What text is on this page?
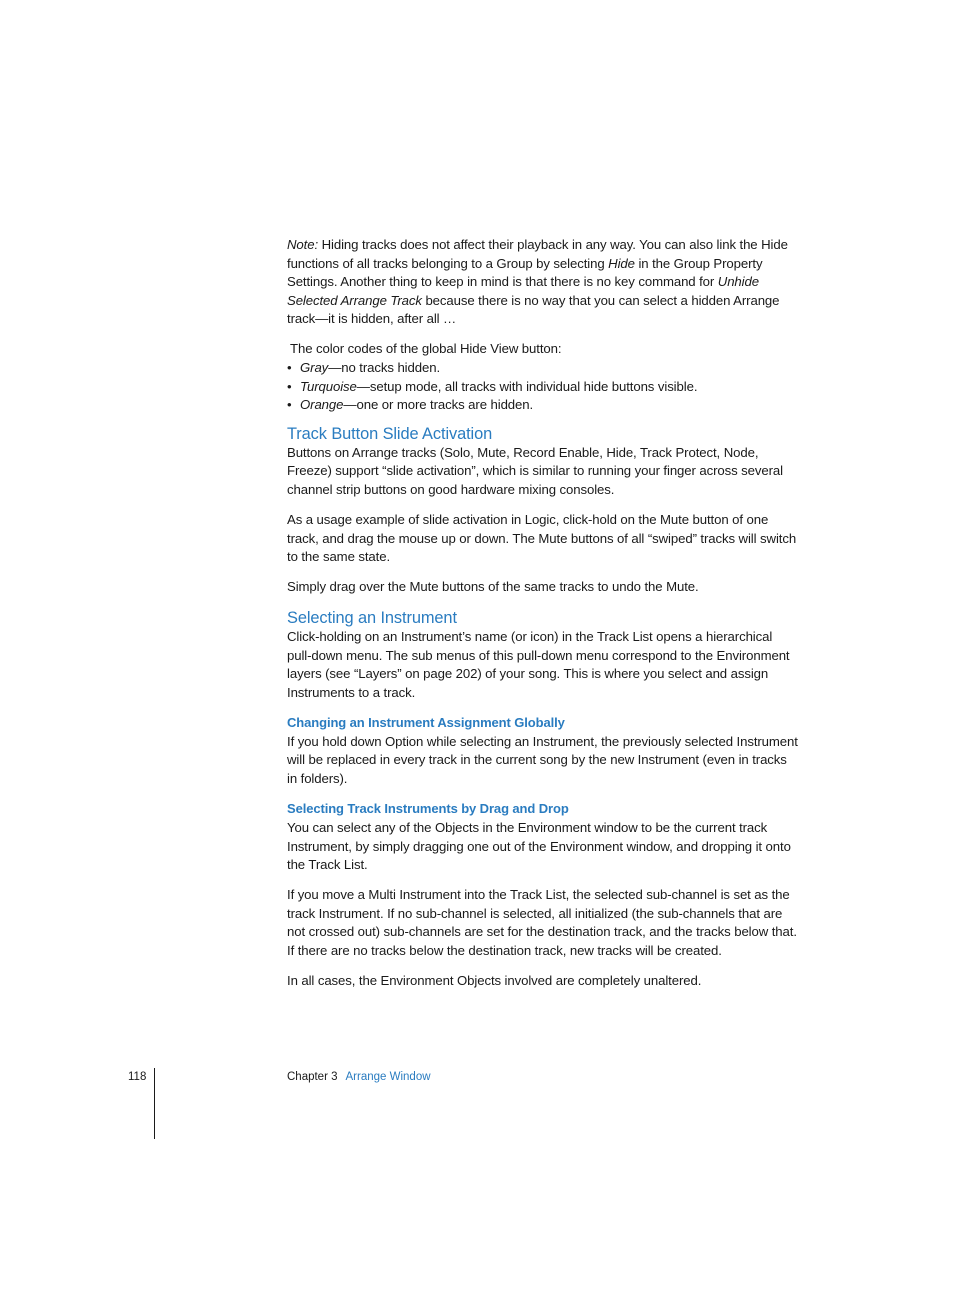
Note: Hiding tracks does not affect their playback in any way. You can also link the Hide functions of all tracks belonging to a Group by selecting Hide in the Group Property Settings. Another thing to keep in mind is that there is no key command for Unhide Selected Arrange Track because there is no way that you can select a hidden Arrange track—it is hidden, after all …

The color codes of the global Hide View button:

• Gray—no tracks hidden.
• Turquoise—setup mode, all tracks with individual hide buttons visible.
• Orange—one or more tracks are hidden.
Track Button Slide Activation

Buttons on Arrange tracks (Solo, Mute, Record Enable, Hide, Track Protect, Node, Freeze) support “slide activation”, which is similar to running your finger across several channel strip buttons on good hardware mixing consoles.

As a usage example of slide activation in Logic, click-hold on the Mute button of one track, and drag the mouse up or down. The Mute buttons of all “swiped” tracks will switch to the same state.

Simply drag over the Mute buttons of the same tracks to undo the Mute.

Selecting an Instrument

Click-holding on an Instrument’s name (or icon) in the Track List opens a hierarchical pull-down menu. The sub menus of this pull-down menu correspond to the Environment layers (see “Layers” on page 202) of your song. This is where you select and assign Instruments to a track.

Changing an Instrument Assignment Globally

If you hold down Option while selecting an Instrument, the previously selected Instrument will be replaced in every track in the current song by the new Instrument (even in tracks in folders).

Selecting Track Instruments by Drag and Drop

You can select any of the Objects in the Environment window to be the current track Instrument, by simply dragging one out of the Environment window, and dropping it onto the Track List.

If you move a Multi Instrument into the Track List, the selected sub-channel is set as the track Instrument. If no sub-channel is selected, all initialized (the sub-channels that are not crossed out) sub-channels are set for the destination track, and the tracks below that. If there are no tracks below the destination track, new tracks will be created.

In all cases, the Environment Objects involved are completely unaltered.

118	Chapter 3 Arrange Window
